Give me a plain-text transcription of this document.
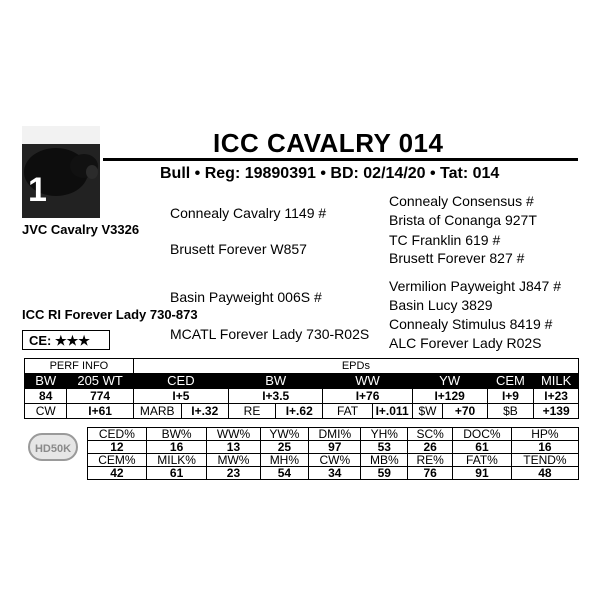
1
ICC CAVALRY 014
Bull • Reg: 19890391 • BD: 02/14/20 • Tat: 014
JVC Cavalry V3326
ICC RI Forever Lady 730-873
Connealy Cavalry 1149 #
Brusett Forever W857
Basin Payweight 006S #
MCATL Forever Lady 730-R02S
Connealy Consensus #
Brista of Conanga 927T
TC Franklin 619 #
Brusett Forever 827 #
Vermilion Payweight J847 #
Basin Lucy 3829
Connealy Stimulus 8419 #
ALC Forever Lady R02S
CE: ★★★
PERF INFO		EPDs									
BW	205 WT	CED		BW		WW		YW		CEM	MILK
84	774	I+5		I+3.5		I+76		I+129		I+9	I+23
CW	I+61	MARB	I+.32	RE	I+.62	FAT	I+.011	$W	+70	$B	+139
HD50K
CED%	BW%	WW%	YW%	DMI%	YH%	SC%	DOC%	HP%
12	16	13	25	97	53	26	61	16
CEM%	MILK%	MW%	MH%	CW%	MB%	RE%	FAT%	TEND%
42	61	23	54	34	59	76	91	48
